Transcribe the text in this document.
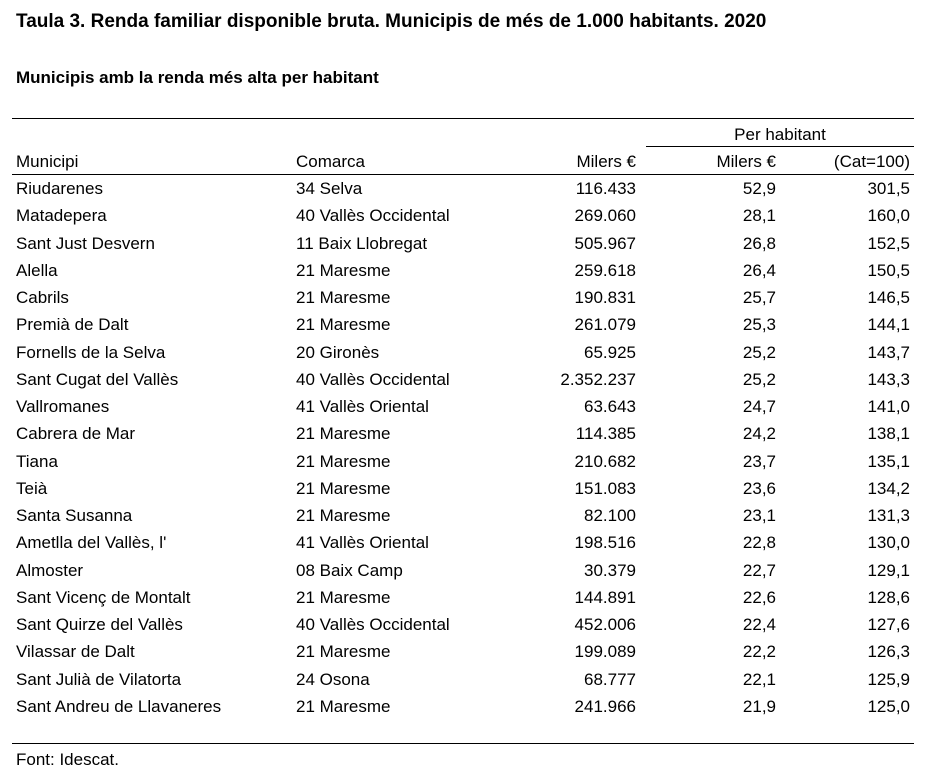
Taula 3. Renda familiar disponible bruta. Municipis de més de 1.000 habitants. 2020
Municipis amb la renda més alta per habitant
Per habitant
Municipi	Comarca	Milers €	Milers €	(Cat=100)
Riudarenes	34 Selva	116.433	52,9	301,5
Matadepera	40 Vallès Occidental	269.060	28,1	160,0
Sant Just Desvern	11 Baix Llobregat	505.967	26,8	152,5
Alella	21 Maresme	259.618	26,4	150,5
Cabrils	21 Maresme	190.831	25,7	146,5
Premià de Dalt	21 Maresme	261.079	25,3	144,1
Fornells de la Selva	20 Gironès	65.925	25,2	143,7
Sant Cugat del Vallès	40 Vallès Occidental	2.352.237	25,2	143,3
Vallromanes	41 Vallès Oriental	63.643	24,7	141,0
Cabrera de Mar	21 Maresme	114.385	24,2	138,1
Tiana	21 Maresme	210.682	23,7	135,1
Teià	21 Maresme	151.083	23,6	134,2
Santa Susanna	21 Maresme	82.100	23,1	131,3
Ametlla del Vallès, l'	41 Vallès Oriental	198.516	22,8	130,0
Almoster	08 Baix Camp	30.379	22,7	129,1
Sant Vicenç de Montalt	21 Maresme	144.891	22,6	128,6
Sant Quirze del Vallès	40 Vallès Occidental	452.006	22,4	127,6
Vilassar de Dalt	21 Maresme	199.089	22,2	126,3
Sant Julià de Vilatorta	24 Osona	68.777	22,1	125,9
Sant Andreu de Llavaneres	21 Maresme	241.966	21,9	125,0
Font: Idescat.
